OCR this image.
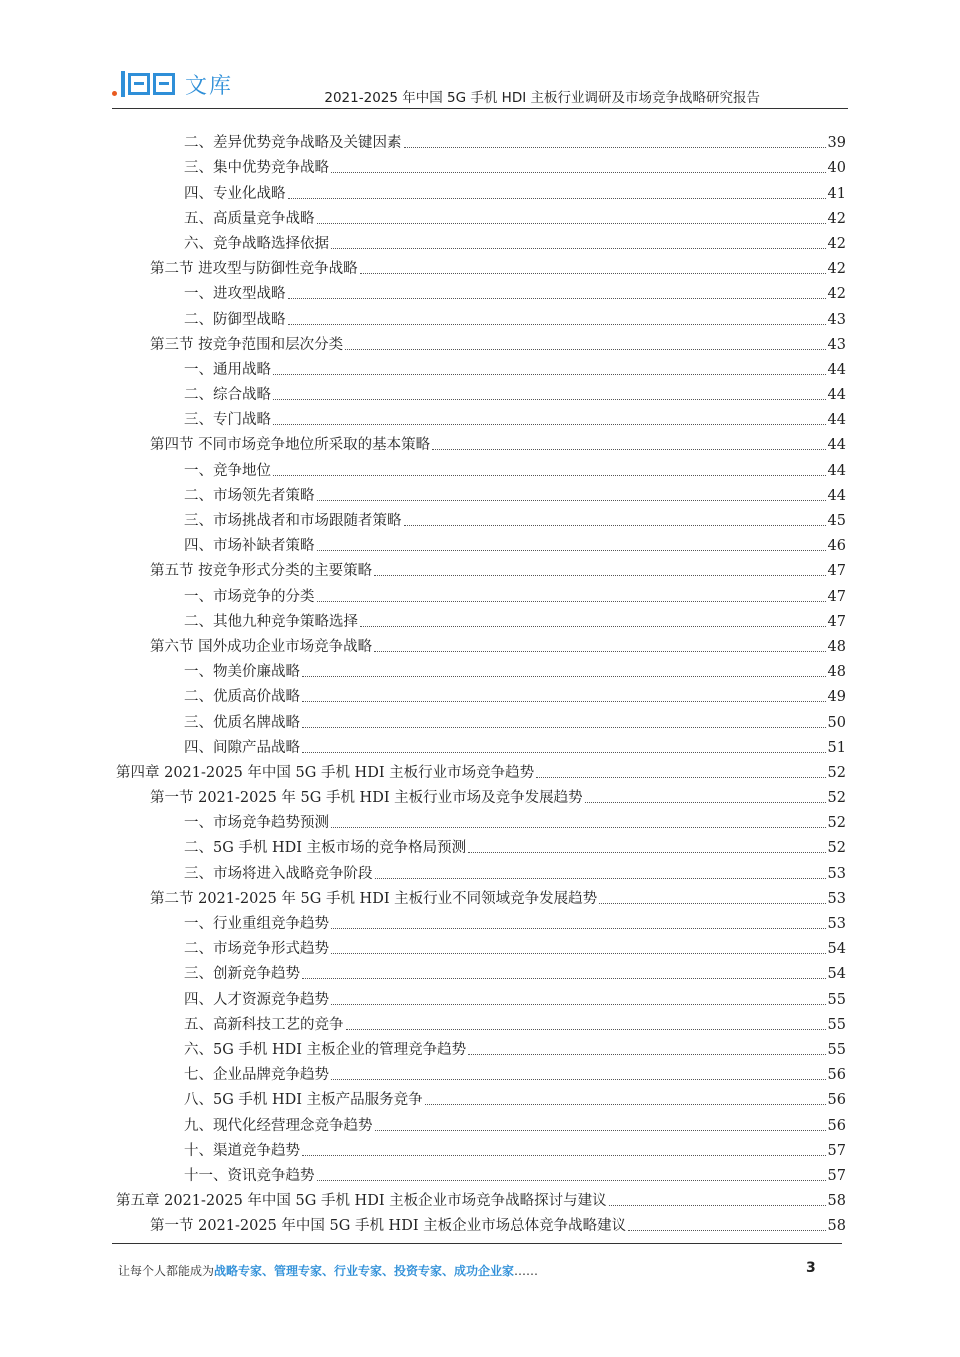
文库	2021-2025 年中国 5G 手机 HDI 主板行业调研及市场竞争战略研究报告
二、差异优势竞争战略及关键因素	39
三、集中优势竞争战略	40
四、专业化战略	41
五、高质量竞争战略	42
六、竞争战略选择依据	42
第二节 进攻型与防御性竞争战略	42
一、进攻型战略	42
二、防御型战略	43
第三节 按竞争范围和层次分类	43
一、通用战略	44
二、综合战略	44
三、专门战略	44
第四节 不同市场竞争地位所采取的基本策略	44
一、竞争地位	44
二、市场领先者策略	44
三、市场挑战者和市场跟随者策略	45
四、市场补缺者策略	46
第五节 按竞争形式分类的主要策略	47
一、市场竞争的分类	47
二、其他九种竞争策略选择	47
第六节 国外成功企业市场竞争战略	48
一、物美价廉战略	48
二、优质高价战略	49
三、优质名牌战略	50
四、间隙产品战略	51
第四章 2021-2025 年中国 5G 手机 HDI 主板行业市场竞争趋势	52
第一节 2021-2025 年 5G 手机 HDI 主板行业市场及竞争发展趋势	52
一、市场竞争趋势预测	52
二、5G 手机 HDI 主板市场的竞争格局预测	52
三、市场将进入战略竞争阶段	53
第二节 2021-2025 年 5G 手机 HDI 主板行业不同领域竞争发展趋势	53
一、行业重组竞争趋势	53
二、市场竞争形式趋势	54
三、创新竞争趋势	54
四、人才资源竞争趋势	55
五、高新科技工艺的竞争	55
六、5G 手机 HDI 主板企业的管理竞争趋势	55
七、企业品牌竞争趋势	56
八、5G 手机 HDI 主板产品服务竞争	56
九、现代化经营理念竞争趋势	56
十、渠道竞争趋势	57
十一、资讯竞争趋势	57
第五章 2021-2025 年中国 5G 手机 HDI 主板企业市场竞争战略探讨与建议	58
第一节 2021-2025 年中国 5G 手机 HDI 主板企业市场总体竞争战略建议	58
让每个人都能成为战略专家、管理专家、行业专家、投资专家、成功企业家……	3
